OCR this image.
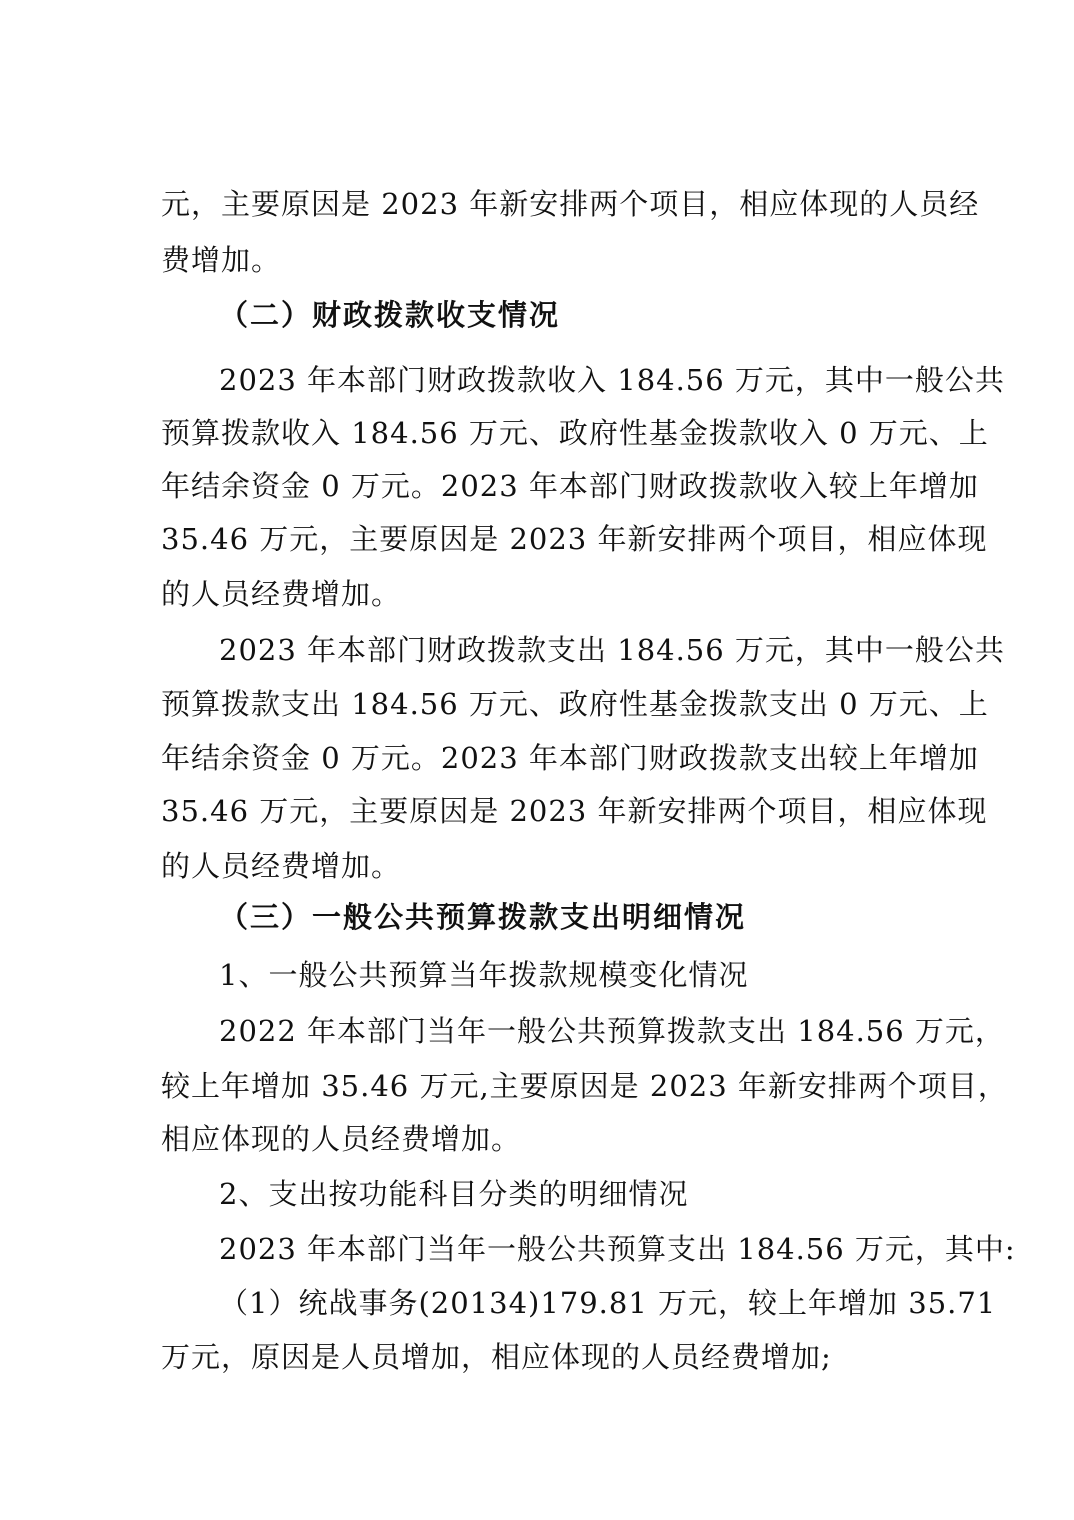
元，主要原因是 2023 年新安排两个项目，相应体现的人员经
费增加。
（二）财政拨款收支情况
2023 年本部门财政拨款收入 184.56 万元，其中一般公共
预算拨款收入 184.56 万元、政府性基金拨款收入 0 万元、上
年结余资金 0 万元。2023 年本部门财政拨款收入较上年增加
35.46 万元，主要原因是 2023 年新安排两个项目，相应体现
的人员经费增加。
2023 年本部门财政拨款支出 184.56 万元，其中一般公共
预算拨款支出 184.56 万元、政府性基金拨款支出 0 万元、上
年结余资金 0 万元。2023 年本部门财政拨款支出较上年增加
35.46 万元，主要原因是 2023 年新安排两个项目，相应体现
的人员经费增加。
（三）一般公共预算拨款支出明细情况
1、一般公共预算当年拨款规模变化情况
2022 年本部门当年一般公共预算拨款支出 184.56 万元，
较上年增加 35.46 万元,主要原因是 2023 年新安排两个项目，
相应体现的人员经费增加。
2、支出按功能科目分类的明细情况
2023 年本部门当年一般公共预算支出 184.56 万元，其中:
（1）统战事务(20134)179.81 万元，较上年增加 35.71
万元，原因是人员增加，相应体现的人员经费增加;
